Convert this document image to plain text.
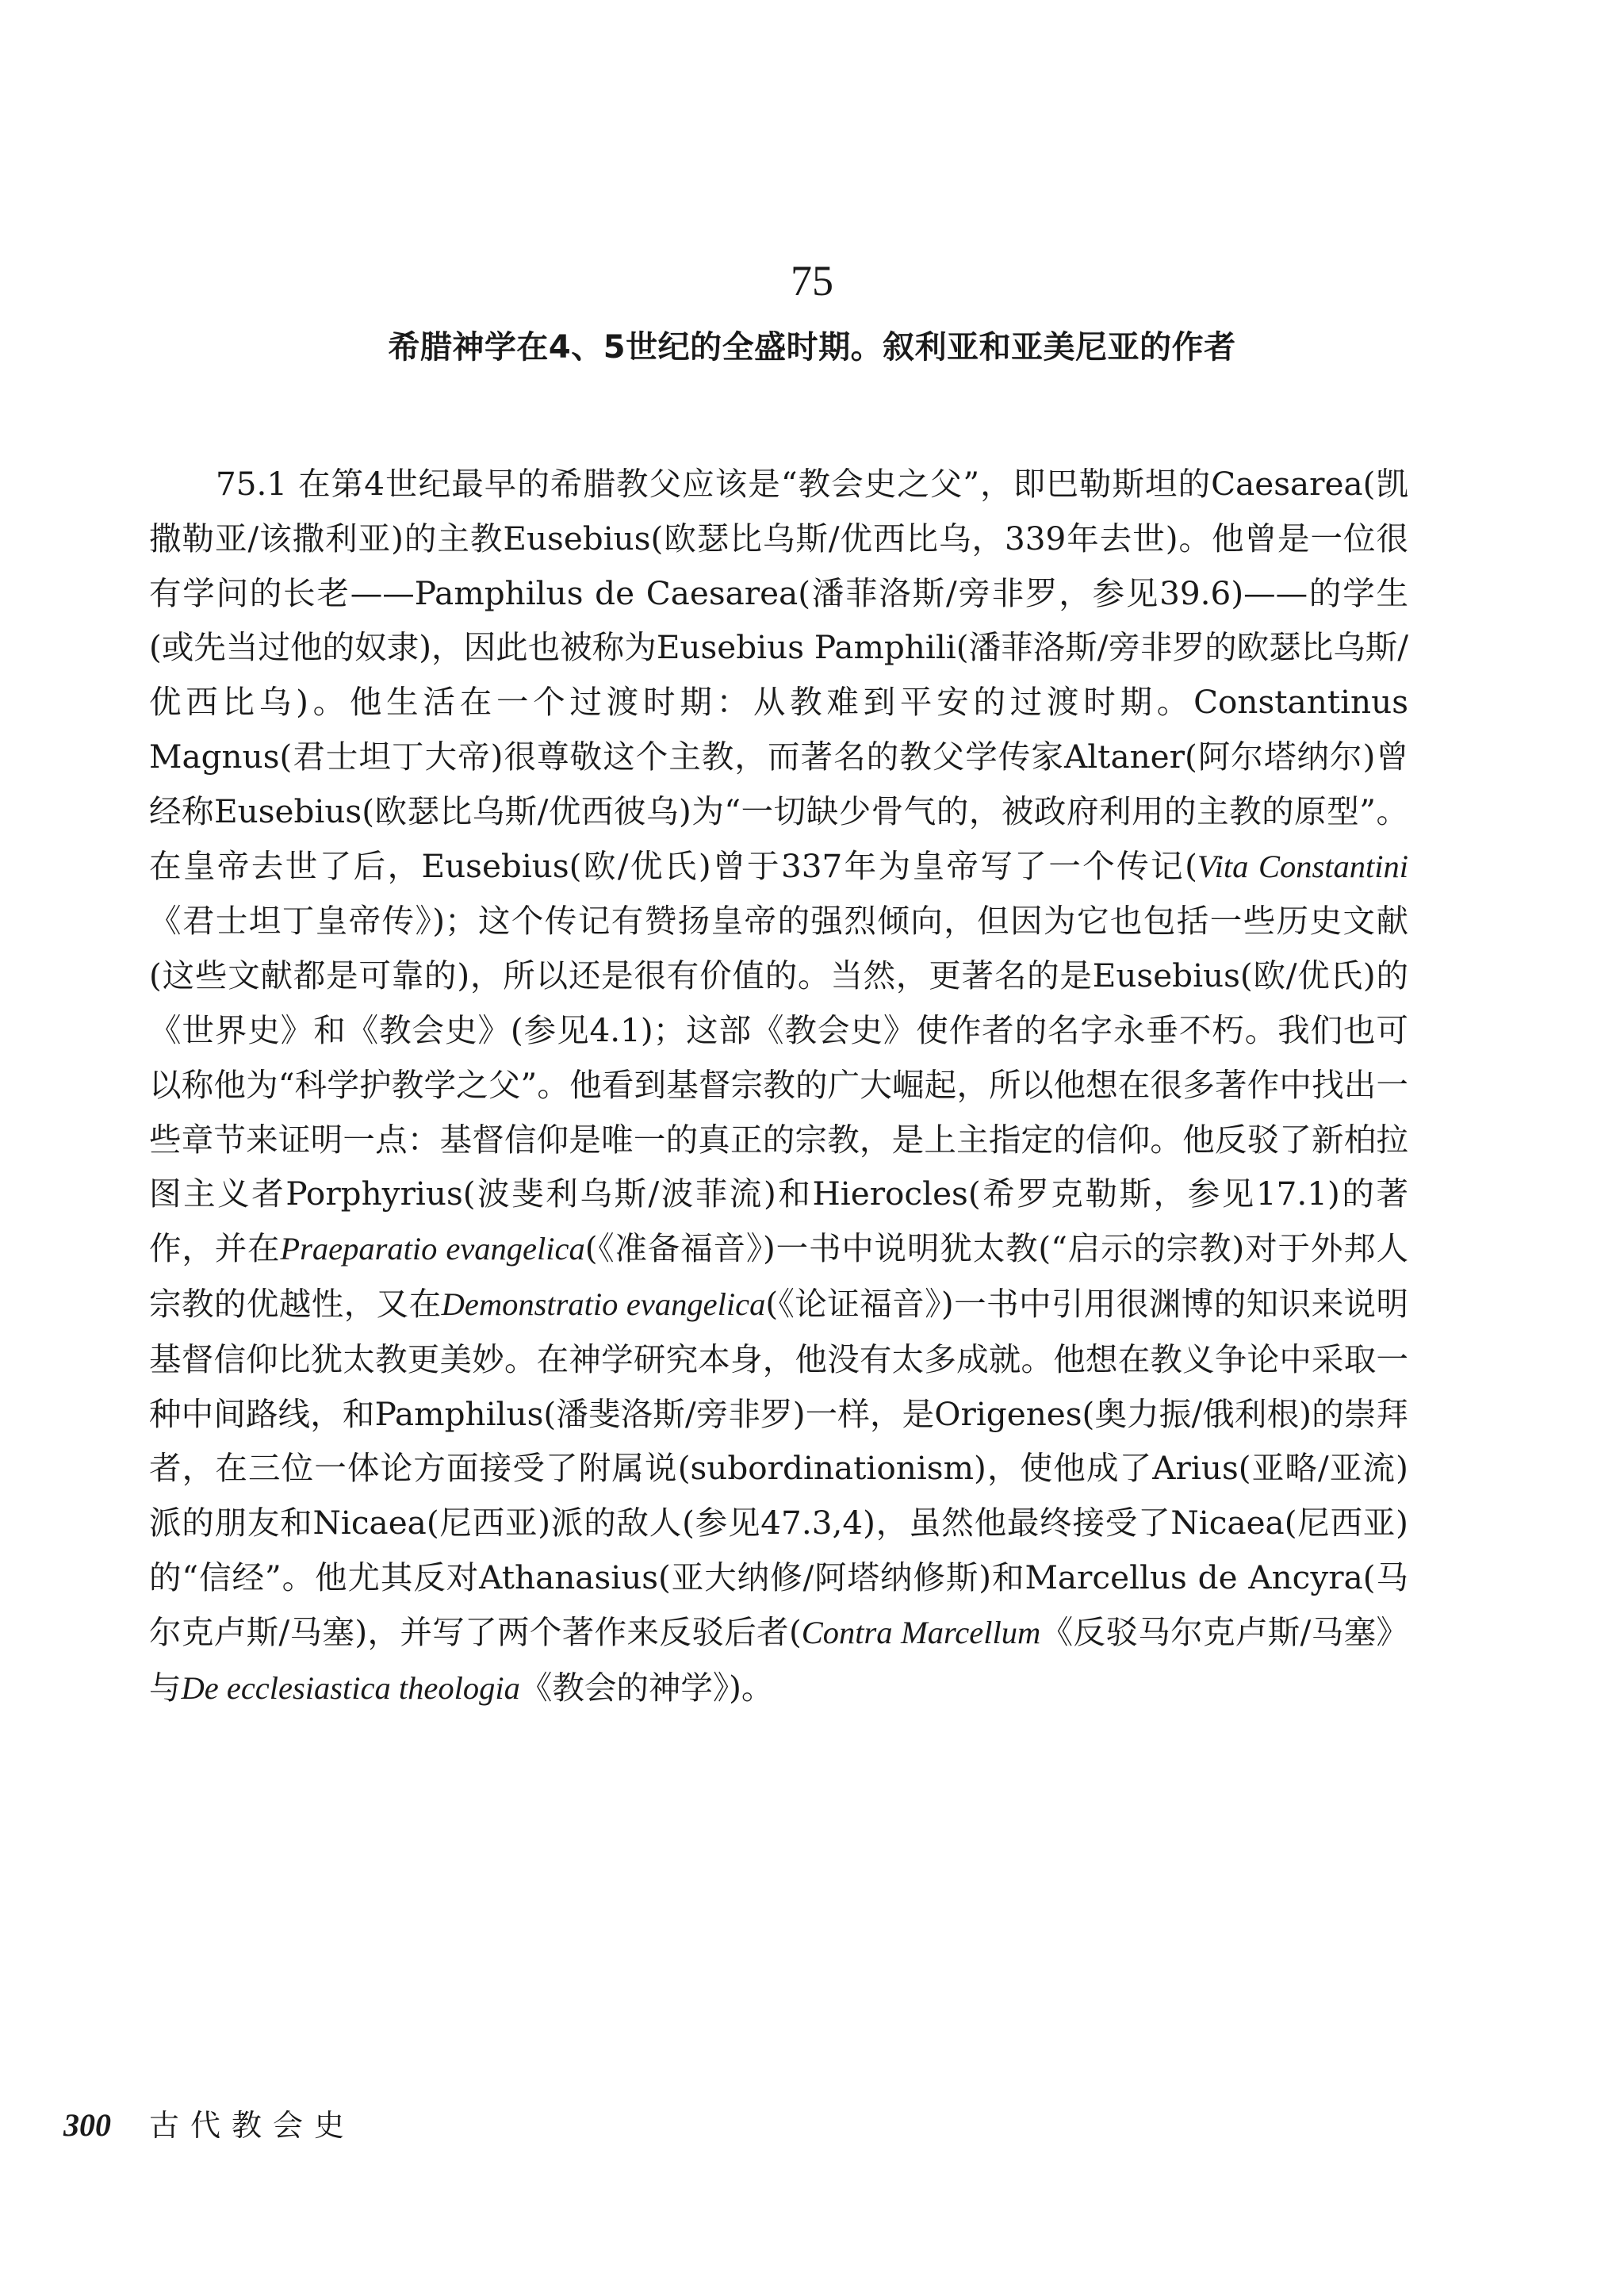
75
希腊神学在4、5世纪的全盛时期。叙利亚和亚美尼亚的作者

75.1 在第4世纪最早的希腊教父应该是“教会史之父”，即巴勒斯坦的Caesarea(凯撒勒亚/该撒利亚)的主教Eusebius(欧瑟比乌斯/优西比乌，339年去世)。他曾是一位很有学问的长老——Pamphilus de Caesarea(潘菲洛斯/旁非罗，参见39.6)——的学生(或先当过他的奴隶)，因此也被称为Eusebius Pamphili(潘菲洛斯/旁非罗的欧瑟比乌斯/优西比乌)。他生活在一个过渡时期：从教难到平安的过渡时期。Constantinus Magnus(君士坦丁大帝)很尊敬这个主教，而著名的教父学传家Altaner(阿尔塔纳尔)曾经称Eusebius(欧瑟比乌斯/优西彼乌)为“一切缺少骨气的，被政府利用的主教的原型”。在皇帝去世了后，Eusebius(欧/优氏)曾于337年为皇帝写了一个传记(Vita Constantini《君士坦丁皇帝传》)；这个传记有赞扬皇帝的强烈倾向，但因为它也包括一些历史文献(这些文献都是可靠的)，所以还是很有价值的。当然，更著名的是Eusebius(欧/优氏)的《世界史》和《教会史》(参见4.1)；这部《教会史》使作者的名字永垂不朽。我们也可以称他为“科学护教学之父”。他看到基督宗教的广大崛起，所以他想在很多著作中找出一些章节来证明一点：基督信仰是唯一的真正的宗教，是上主指定的信仰。他反驳了新柏拉图主义者Porphyrius(波斐利乌斯/波菲流)和Hierocles(希罗克勒斯，参见17.1)的著作，并在Praeparatio evangelica(《准备福音》)一书中说明犹太教(“启示的宗教)对于外邦人宗教的优越性，又在Demonstratio evangelica(《论证福音》)一书中引用很渊博的知识来说明基督信仰比犹太教更美妙。在神学研究本身，他没有太多成就。他想在教义争论中采取一种中间路线，和Pamphilus(潘斐洛斯/旁非罗)一样，是Origenes(奥力振/俄利根)的崇拜者，在三位一体论方面接受了附属说(subordinationism)，使他成了Arius(亚略/亚流)派的朋友和Nicaea(尼西亚)派的敌人(参见47.3,4)，虽然他最终接受了Nicaea(尼西亚)的“信经”。他尤其反对Athanasius(亚大纳修/阿塔纳修斯)和Marcellus de Ancyra(马尔克卢斯/马塞)，并写了两个著作来反驳后者(Contra Marcellum《反驳马尔克卢斯/马塞》与De ecclesiastica theologia《教会的神学》)。

300 古代教会史
